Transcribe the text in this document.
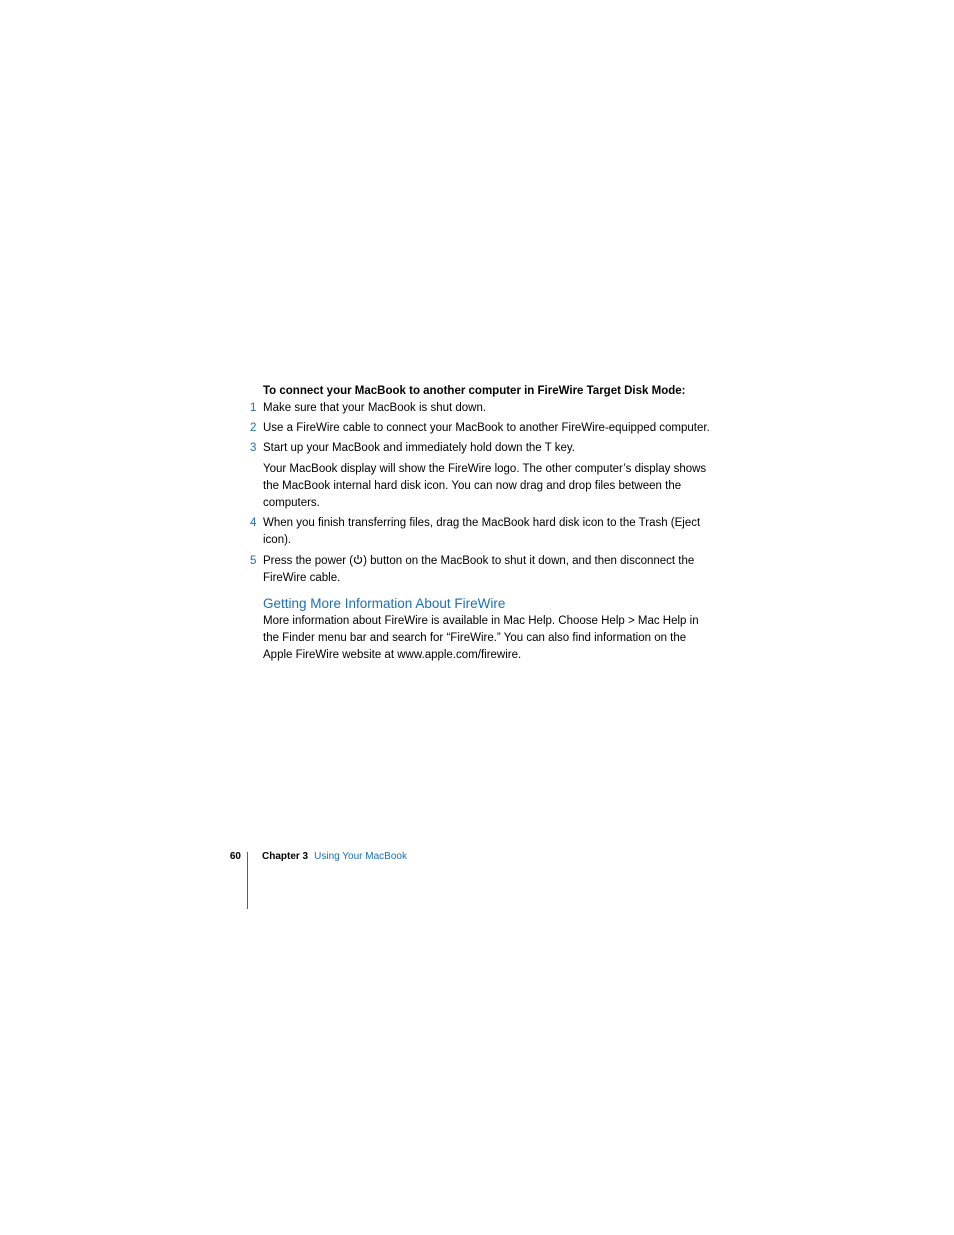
To connect your MacBook to another computer in FireWire Target Disk Mode:

1 Make sure that your MacBook is shut down.

2 Use a FireWire cable to connect your MacBook to another FireWire-equipped computer.

3 Start up your MacBook and immediately hold down the T key.

Your MacBook display will show the FireWire logo. The other computer’s display shows the MacBook internal hard disk icon. You can now drag and drop files between the computers.

4 When you finish transferring files, drag the MacBook hard disk icon to the Trash (Eject icon).

5 Press the power ( ) button on the MacBook to shut it down, and then disconnect the FireWire cable.

Getting More Information About FireWire

More information about FireWire is available in Mac Help. Choose Help > Mac Help in the Finder menu bar and search for “FireWire.” You can also find information on the Apple FireWire website at www.apple.com/firewire.

60 Chapter 3 Using Your MacBook
